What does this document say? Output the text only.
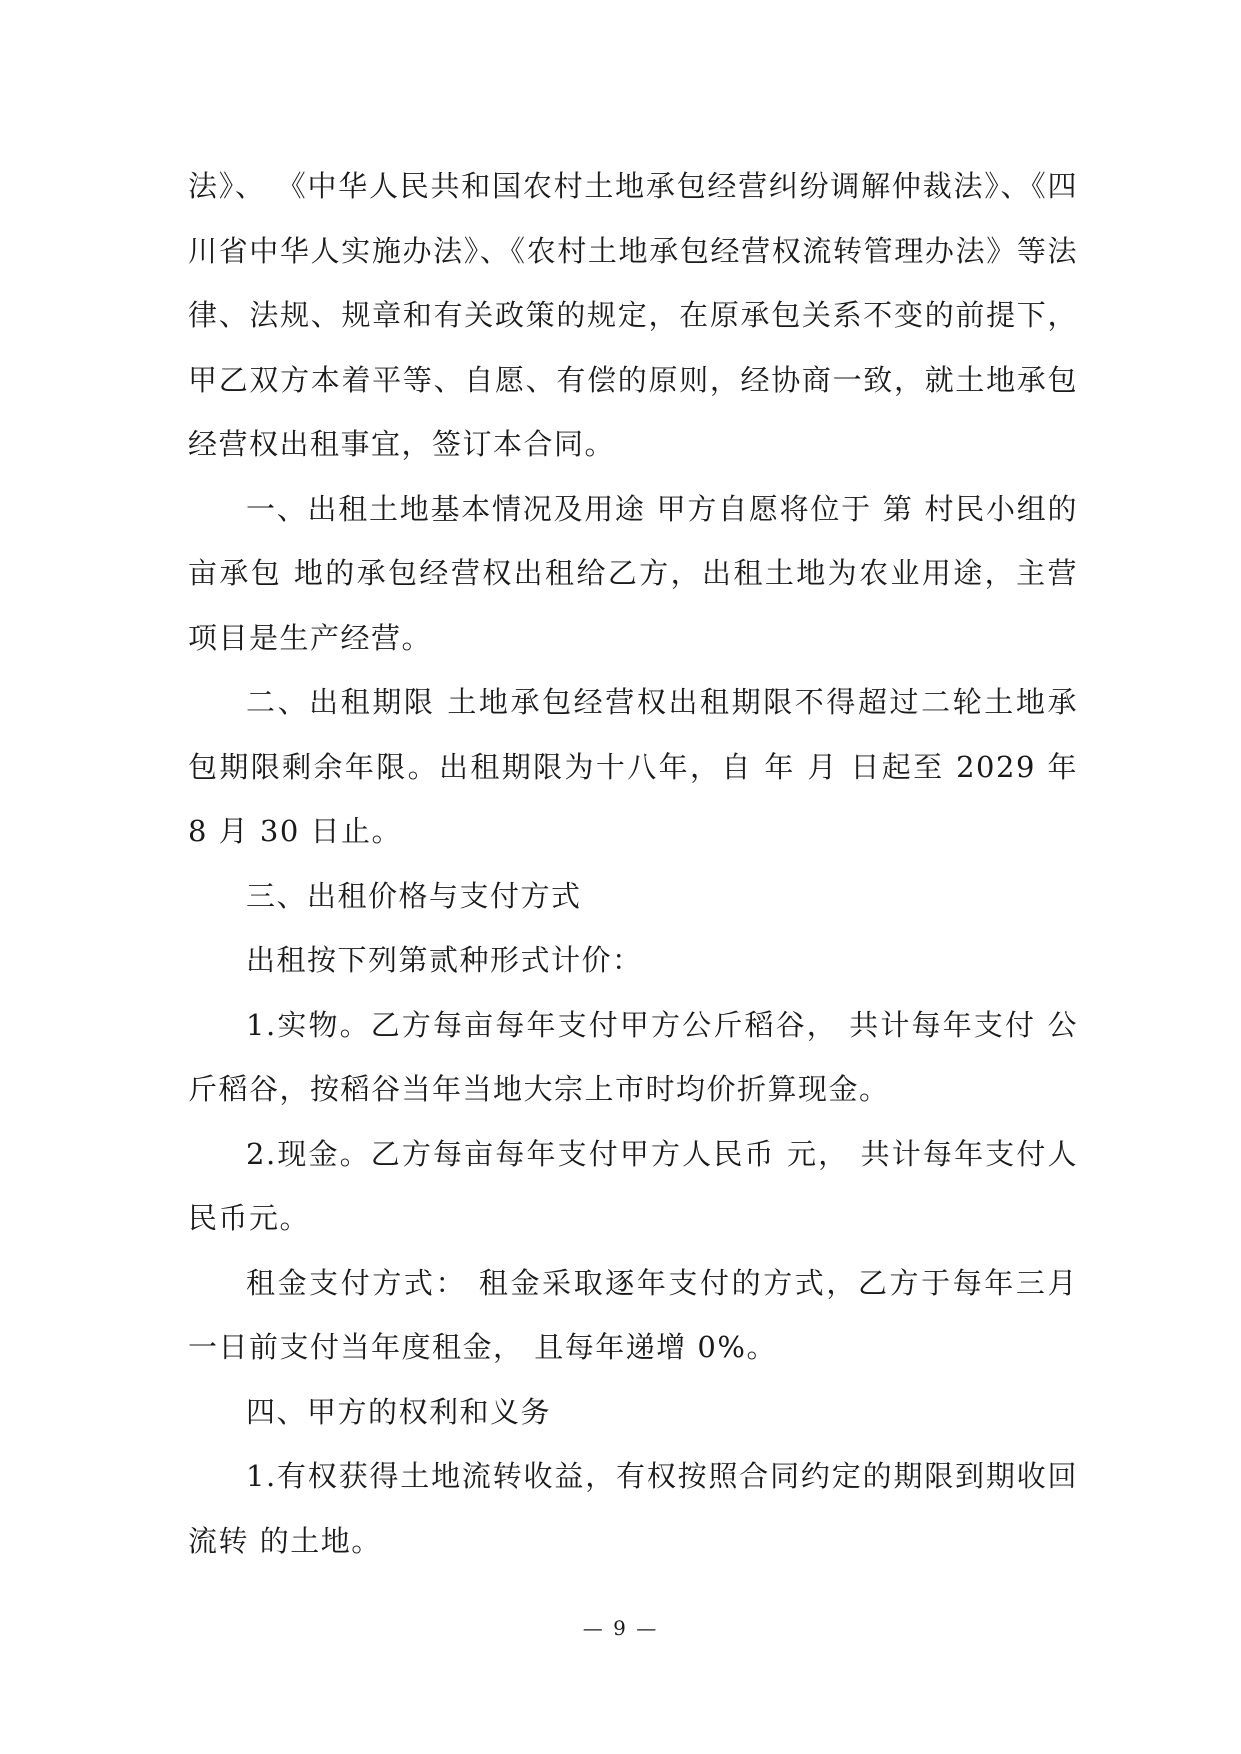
法》、 《中华人民共和国农村土地承包经营纠纷调解仲裁法》、《四川省中华人实施办法》、《农村土地承包经营权流转管理办法》等法律、法规、规章和有关政策的规定，在原承包关系不变的前提下，甲乙双方本着平等、自愿、有偿的原则，经协商一致，就土地承包 经营权出租事宜，签订本合同。

一、出租土地基本情况及用途 甲方自愿将位于 第 村民小组的 亩承包 地的承包经营权出租给乙方，出租土地为农业用途，主营项目是生产经营。

二、出租期限 土地承包经营权出租期限不得超过二轮土地承包期限剩余年限。出租期限为十八年，自 年 月 日起至 2029 年 8 月 30 日止。

三、出租价格与支付方式

出租按下列第贰种形式计价：

1.实物。乙方每亩每年支付甲方公斤稻谷， 共计每年支付 公斤稻谷，按稻谷当年当地大宗上市时均价折算现金。

2.现金。乙方每亩每年支付甲方人民币 元， 共计每年支付人民币元。

租金支付方式： 租金采取逐年支付的方式，乙方于每年三月一日前支付当年度租金， 且每年递增 0%。

四、甲方的权利和义务

1.有权获得土地流转收益，有权按照合同约定的期限到期收回流转 的土地。

— 9 —
